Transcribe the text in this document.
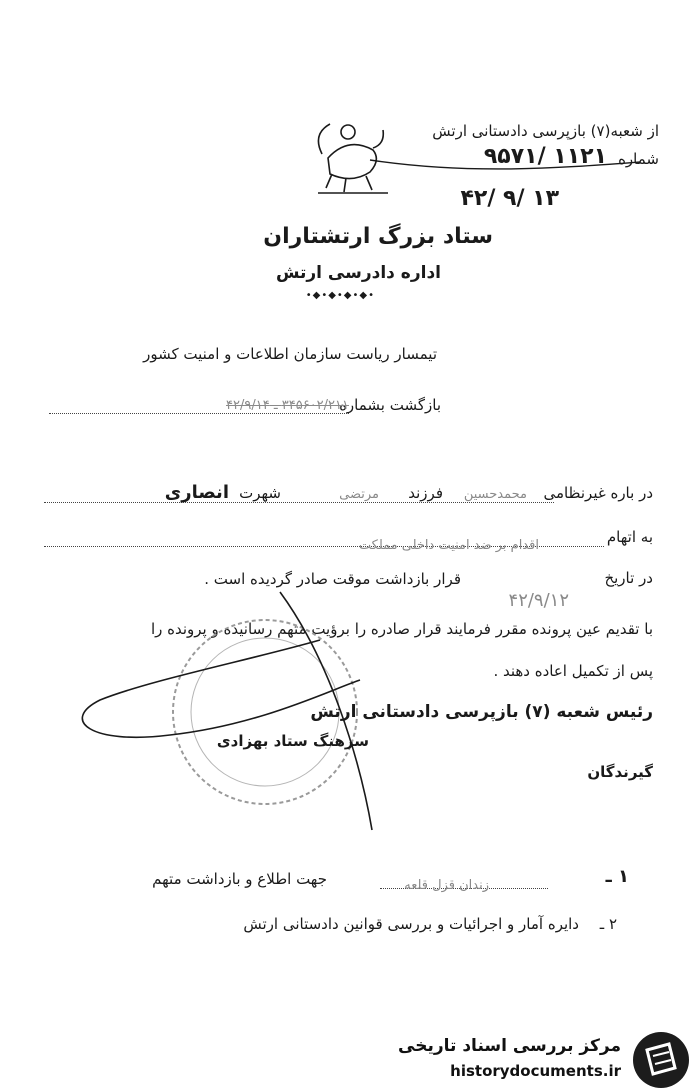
از شعبه(۷) بازپرسی دادستانی ارتش
شماره
۹۵۷۱/ ۱۱۲۱
۴۲/ ۹/ ۱۳
ستاد بزرگ ارتشتاران
اداره دادرسی ارتش
•◆•◆•◆•◆•
تیمسار ریاست سازمان اطلاعات و امنیت کشور
بازگشت بشماره
۳۴۵۶۰۲/۲۱۱ ـ ۴۲/۹/۱۴
در باره غیرنظامی
محمدحسین
فرزند
مرتضی
شهرت
انصاری
به اتهام
اقدام بر ضد امنیت داخلی مملکت
در تاریخ
۴۲/۹/۱۲
قرار بازداشت موقت صادر گردیده است .
با تقدیم عین پرونده مقرر فرمایند قرار صادره را برؤیت متهم رسانیده و پرونده را
پس از تکمیل اعاده دهند .
رئیس شعبه (۷) بازپرسی دادستانی ارتش
سرهنگ ستاد بهزادی
گیرندگان
۱ ـ
زندان قزل قلعه
جهت اطلاع و بازداشت متهم
۲ ـ
دایره آمار و اجرائیات و بررسی قوانین دادستانی ارتش
مرکز بررسی اسناد تاریخی
historydocuments.ir
